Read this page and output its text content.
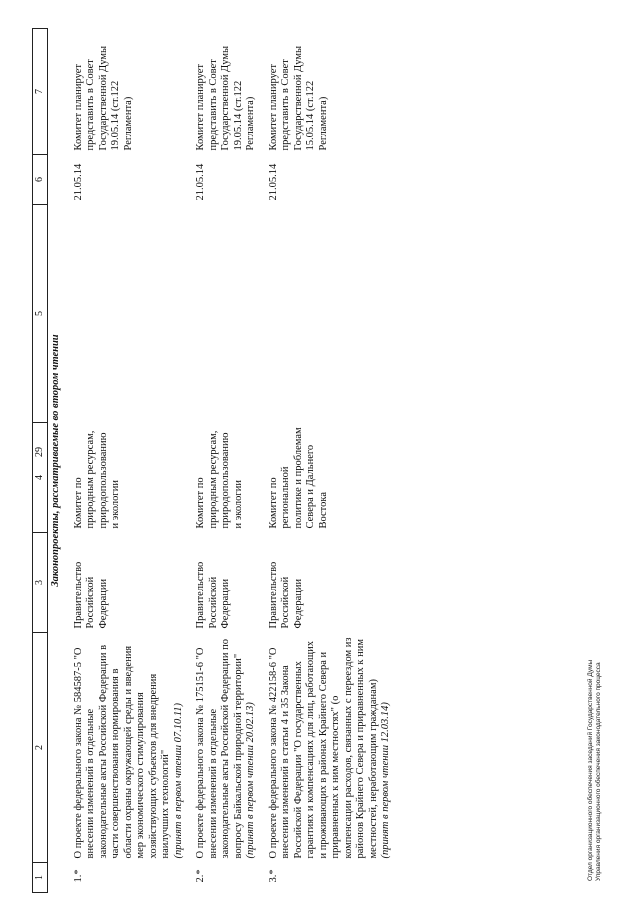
29
1	2	3	4	5	6	7
Законопроекты, рассматриваемые во втором чтении						
1.*	О проекте федерального закона № 584587-5 "О внесении изменений в отдельные законодательные акты Российской Федерации в части совершенствования нормирования в области охраны окружающей среды и введения мер экономического стимулирования хозяйствующих субъектов для внедрения наилучших технологий" (принят в первом чтении 07.10.11)	Правительство Российской Федерации	Комитет по природным ресурсам, природопользованию и экологии		21.05.14	Комитет планирует представить в Совет Государственной Думы 19.05.14 (ст.122 Регламента)
2.*	О проекте федерального закона № 175151-6 "О внесении изменений в отдельные законодательные акты Российской Федерации по вопросу Байкальской природной территории" (принят в первом чтении 20.02.13)	Правительство Российской Федерации	Комитет по природным ресурсам, природопользованию и экологии		21.05.14	Комитет планирует представить в Совет Государственной Думы 19.05.14 (ст.122 Регламента)
3.*	О проекте федерального закона № 422158-6 "О внесении изменений в статьи 4 и 35 Закона Российской Федерации "О государственных гарантиях и компенсациях для лиц, работающих и проживающих в районах Крайнего Севера и приравненных к ним местностях" (о компенсации расходов, связанных с переездом из районов Крайнего Севера и приравненных к ним местностей, неработающим гражданам) (принят в первом чтении 12.03.14)	Правительство Российской Федерации	Комитет по региональной политике и проблемам Севера и Дальнего Востока		21.05.14	Комитет планирует представить в Совет Государственной Думы 15.05.14 (ст.122 Регламента)
Отдел организационного обеспечения заседаний Государственной Думы Управления организационного обеспечения законодательного процесса
